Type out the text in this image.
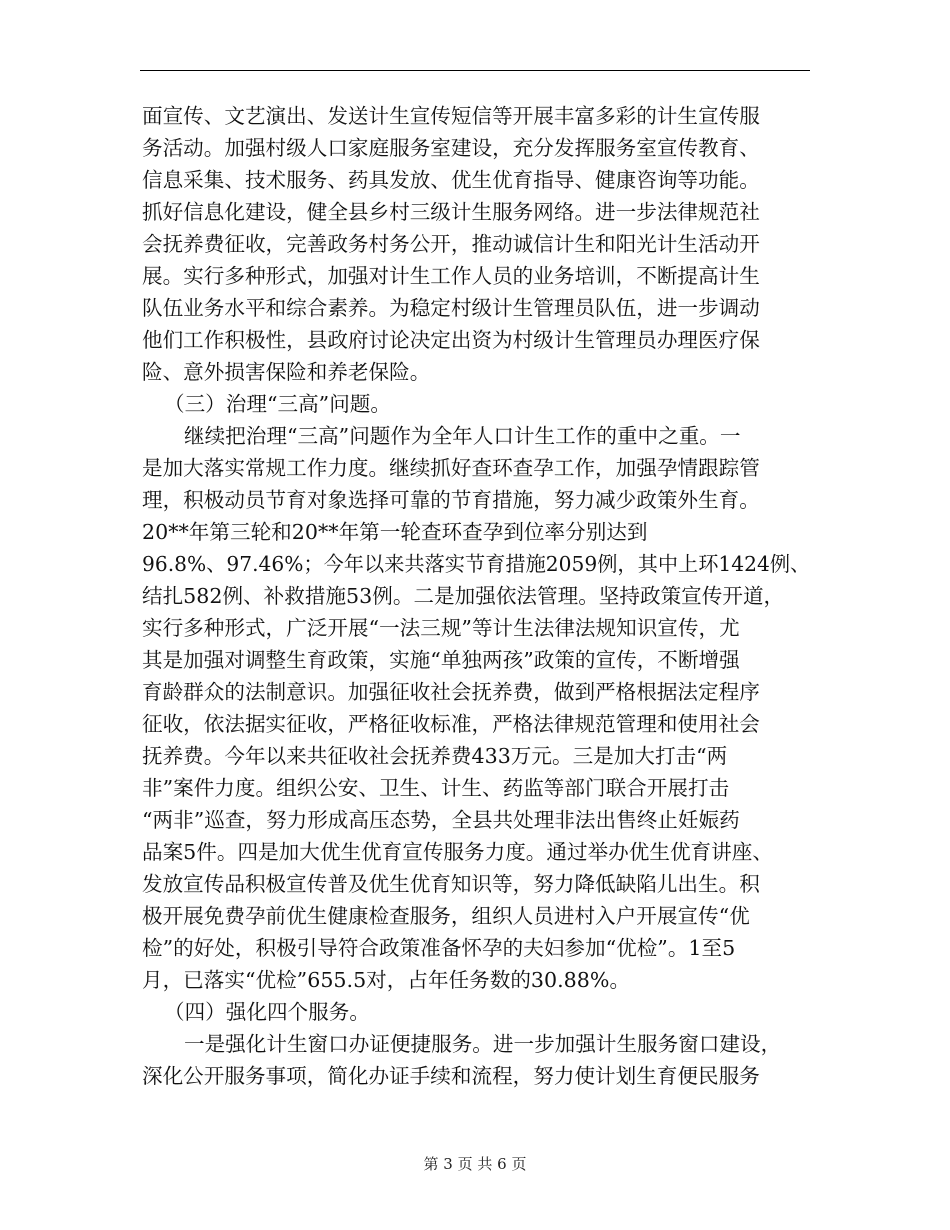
面宣传、文艺演出、发送计生宣传短信等开展丰富多彩的计生宣传服
务活动。加强村级人口家庭服务室建设，充分发挥服务室宣传教育、
信息采集、技术服务、药具发放、优生优育指导、健康咨询等功能。
抓好信息化建设，健全县乡村三级计生服务网络。进一步法律规范社
会抚养费征收，完善政务村务公开，推动诚信计生和阳光计生活动开
展。实行多种形式，加强对计生工作人员的业务培训，不断提高计生
队伍业务水平和综合素养。为稳定村级计生管理员队伍，进一步调动
他们工作积极性，县政府讨论决定出资为村级计生管理员办理医疗保
险、意外损害保险和养老保险。
（三）治理“三高”问题。
继续把治理“三高”问题作为全年人口计生工作的重中之重。一
是加大落实常规工作力度。继续抓好查环查孕工作，加强孕情跟踪管
理，积极动员节育对象选择可靠的节育措施，努力减少政策外生育。
20**年第三轮和20**年第一轮查环查孕到位率分别达到
96.8%、97.46%；今年以来共落实节育措施2059例，其中上环1424例、
结扎582例、补救措施53例。二是加强依法管理。坚持政策宣传开道，
实行多种形式，广泛开展“一法三规”等计生法律法规知识宣传，尤
其是加强对调整生育政策，实施“单独两孩”政策的宣传，不断增强
育龄群众的法制意识。加强征收社会抚养费，做到严格根据法定程序
征收，依法据实征收，严格征收标准，严格法律规范管理和使用社会
抚养费。今年以来共征收社会抚养费433万元。三是加大打击“两
非”案件力度。组织公安、卫生、计生、药监等部门联合开展打击
“两非”巡查，努力形成高压态势，全县共处理非法出售终止妊娠药
品案5件。四是加大优生优育宣传服务力度。通过举办优生优育讲座、
发放宣传品积极宣传普及优生优育知识等，努力降低缺陷儿出生。积
极开展免费孕前优生健康检查服务，组织人员进村入户开展宣传“优
检”的好处，积极引导符合政策准备怀孕的夫妇参加“优检”。1至5
月，已落实“优检”655.5对，占年任务数的30.88%。
（四）强化四个服务。
一是强化计生窗口办证便捷服务。进一步加强计生服务窗口建设，
深化公开服务事项，简化办证手续和流程，努力使计划生育便民服务
第 3 页 共 6 页
